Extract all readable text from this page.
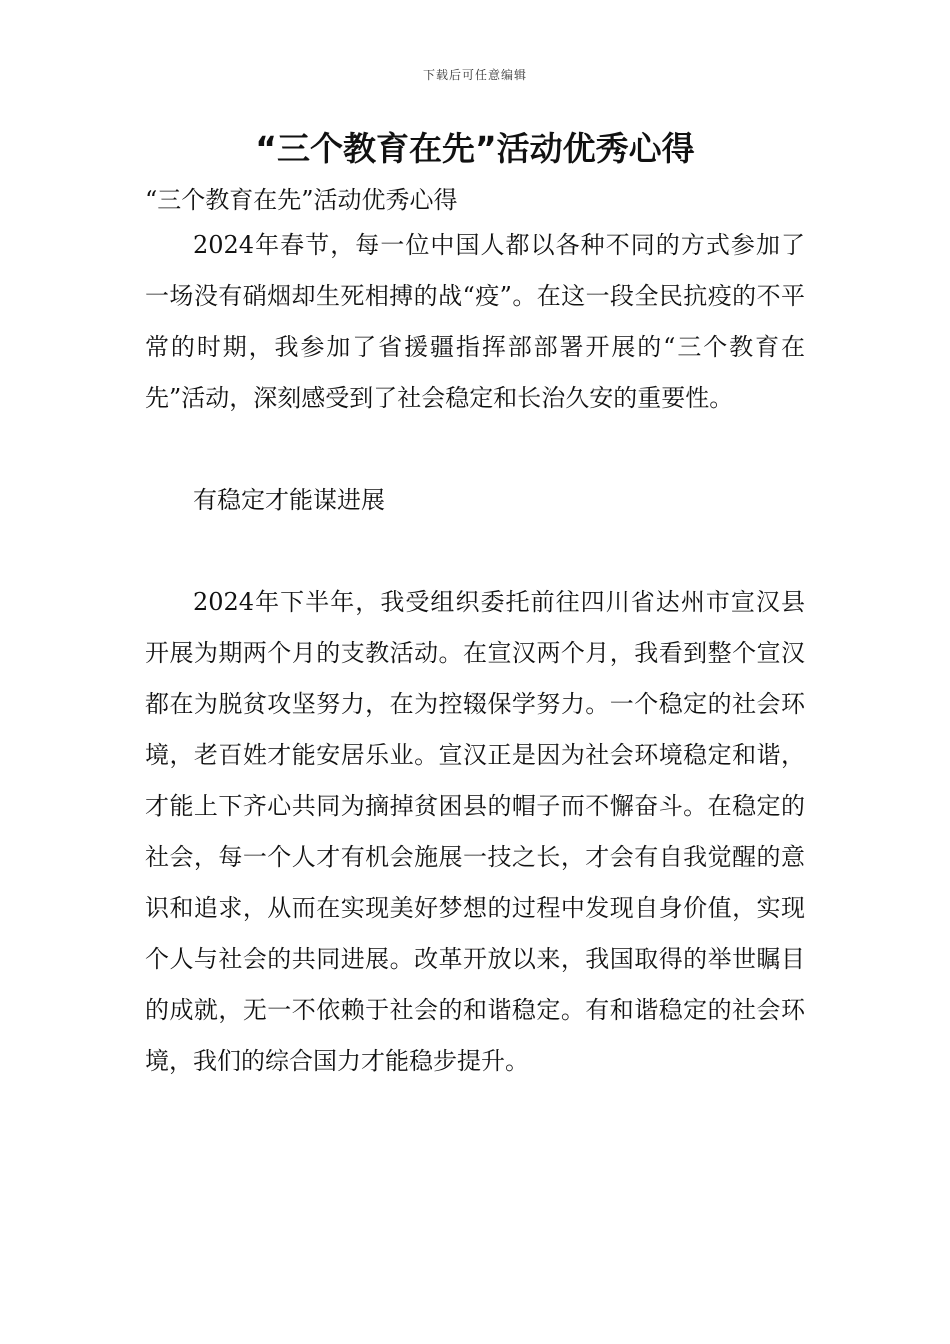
下载后可任意编辑
“三个教育在先”活动优秀心得

“三个教育在先”活动优秀心得

2024年春节，每一位中国人都以各种不同的方式参加了一场没有硝烟却生死相搏的战“疫”。在这一段全民抗疫的不平常的时期，我参加了省援疆指挥部部署开展的“三个教育在先”活动，深刻感受到了社会稳定和长治久安的重要性。

有稳定才能谋进展

2024年下半年，我受组织委托前往四川省达州市宣汉县开展为期两个月的支教活动。在宣汉两个月，我看到整个宣汉都在为脱贫攻坚努力，在为控辍保学努力。一个稳定的社会环境，老百姓才能安居乐业。宣汉正是因为社会环境稳定和谐，才能上下齐心共同为摘掉贫困县的帽子而不懈奋斗。在稳定的社会，每一个人才有机会施展一技之长，才会有自我觉醒的意识和追求，从而在实现美好梦想的过程中发现自身价值，实现个人与社会的共同进展。改革开放以来，我国取得的举世瞩目的成就，无一不依赖于社会的和谐稳定。有和谐稳定的社会环境，我们的综合国力才能稳步提升。
